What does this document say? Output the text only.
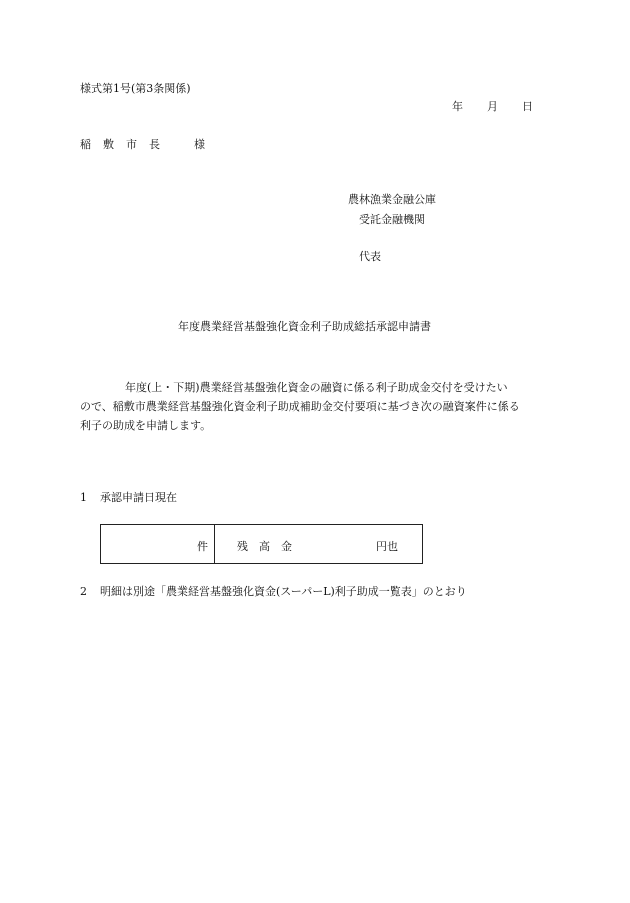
様式第1号(第3条関係)
年 月 日
稲 敷 市 長	様
農林漁業金融公庫
受託金融機関
代表
年度農業経営基盤強化資金利子助成総括承認申請書

年度(上・下期)農業経営基盤強化資金の融資に係る利子助成金交付を受けたい

ので、稲敷市農業経営基盤強化資金利子助成補助金交付要項に基づき次の融資案件に係る

利子の助成を申請します。

1 承認申請日現在
件	残　高　金	円也
2 明細は別途「農業経営基盤強化資金(スーパーL)利子助成一覧表」のとおり
